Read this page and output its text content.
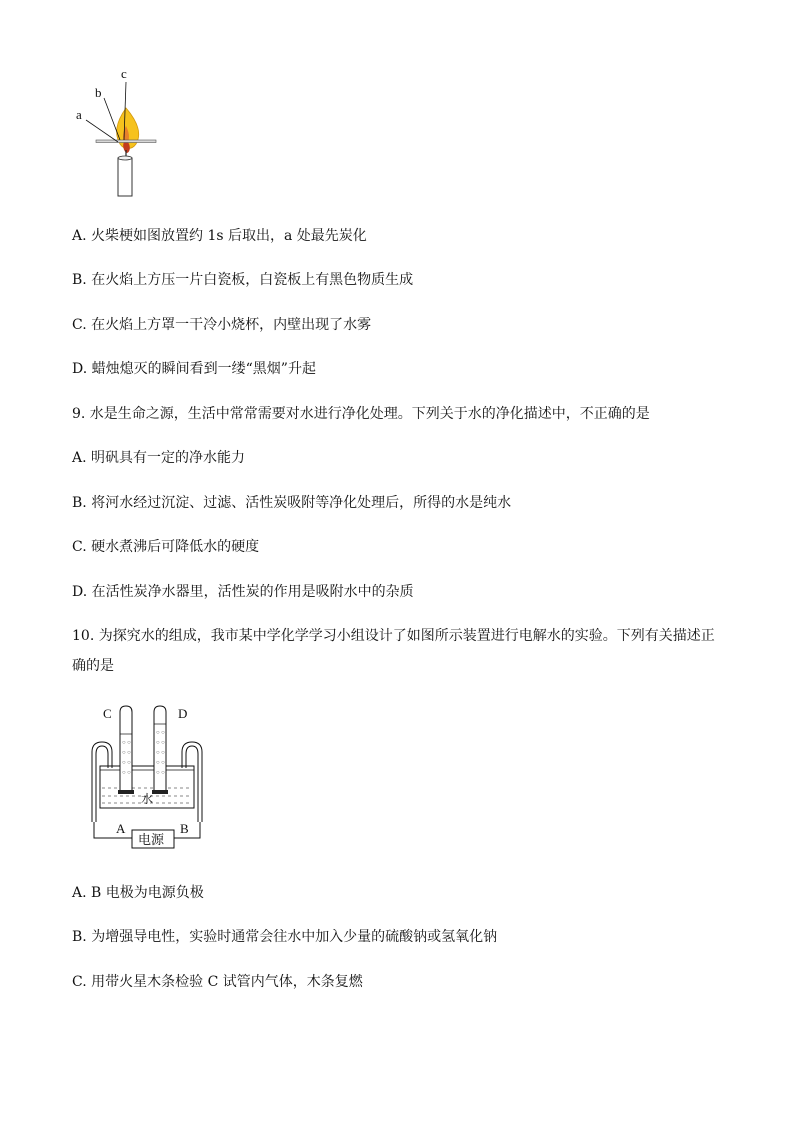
c
b
a
A. 火柴梗如图放置约 1s 后取出，a 处最先炭化
B. 在火焰上方压一片白瓷板，白瓷板上有黑色物质生成
C. 在火焰上方罩一干冷小烧杯，内壁出现了水雾
D. 蜡烛熄灭的瞬间看到一缕“黑烟”升起
9. 水是生命之源，生活中常常需要对水进行净化处理。下列关于水的净化描述中，不正确的是
A. 明矾具有一定的净水能力
B. 将河水经过沉淀、过滤、活性炭吸附等净化处理后，所得的水是纯水
C. 硬水煮沸后可降低水的硬度
D. 在活性炭净水器里，活性炭的作用是吸附水中的杂质
10. 为探究水的组成，我市某中学化学学习小组设计了如图所示装置进行电解水的实验。下列有关描述正
确的是
○ ○
○ ○
○ ○
○ ○
○ ○
○ ○
○ ○
○ ○
○ ○
C	D
水
A	B
电源
A. B 电极为电源负极
B. 为增强导电性，实验时通常会往水中加入少量的硫酸钠或氢氧化钠
C. 用带火星木条检验 C 试管内气体，木条复燃
